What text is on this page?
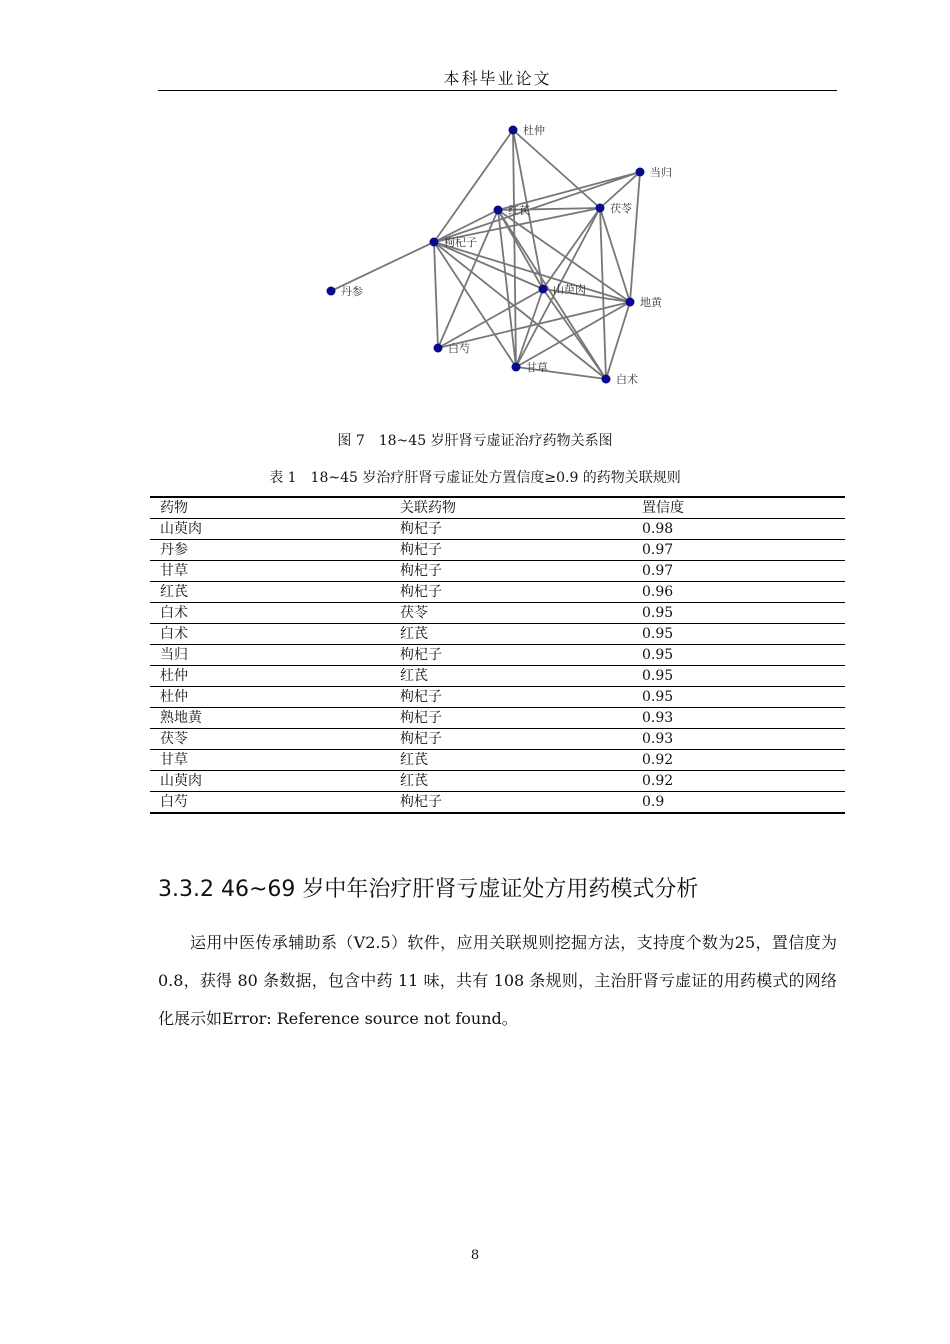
本科毕业论文
杜仲
当归
红芪	茯苓
枸杞子
丹参	山萸肉
地黄
白芍
甘草
白术
图 7　18~45 岁肝肾亏虚证治疗药物关系图
表 1　18~45 岁治疗肝肾亏虚证处方置信度≥0.9 的药物关联规则
药物	关联药物	置信度
山萸肉	枸杞子	0.98
丹参	枸杞子	0.97
甘草	枸杞子	0.97
红芪	枸杞子	0.96
白术	茯苓	0.95
白术	红芪	0.95
当归	枸杞子	0.95
杜仲	红芪	0.95
杜仲	枸杞子	0.95
熟地黄	枸杞子	0.93
茯苓	枸杞子	0.93
甘草	红芪	0.92
山萸肉	红芪	0.92
白芍	枸杞子	0.9
3.3.2 46~69 岁中年治疗肝肾亏虚证处方用药模式分析

运用中医传承辅助系（V2.5）软件，应用关联规则挖掘方法，支持度个数为25，置信度为 0.8，获得 80 条数据，包含中药 11 味，共有 108 条规则，主治肝肾亏虚证的用药模式的网络化展示如Error: Reference source not found。

8
